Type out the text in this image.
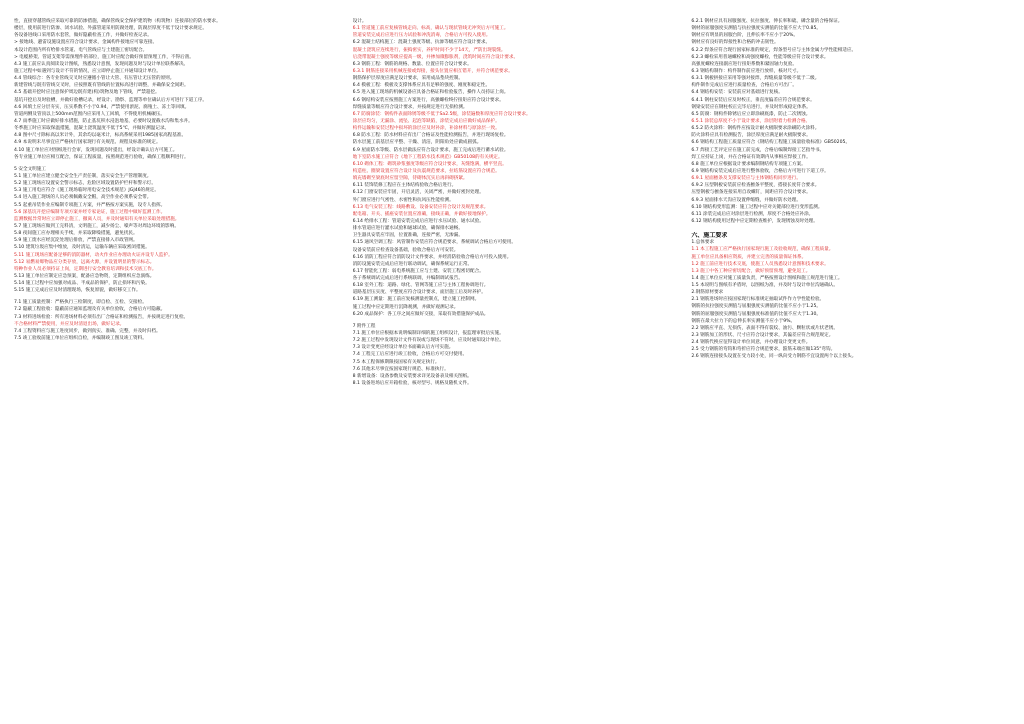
性，直接穿越管线应采取可靠的防渗措施，确保管线安全保护建筑物（构筑物）连接部位的防水要求。
楼层，使用前进行防渗、闭水试验、外露管道采用防腐处理，防腐层厚度不低于设计要求规定。
各设备进线口采用防水套管，做好隐蔽检查工作，并做好检查记录。
> 接地线、避雷设施设置应符合设计要求，金属构件接地应可靠连接。
本设计范围内所有给排水管道、电气管线应与土建施工密切配合。
> 电缆桥架、管道支架等需预埋件的部位，施工时应配合做好预留预埋工作，不得后凿。
4.3 施工前应认真阅读设计图纸，熟悉设计意图，发现问题及时与设计单位联系解决。
施工过程中如遇到与设计不符的情况，应立即停止施工并通知设计单位。
4.4 管线综合：各专业管线交叉时应遵循小管让大管、有压管让无压管的原则。
新建管线与既有管线交叉时，应按照既有管线的位置标高进行调整，并确保安全间距。
4.5 基础开挖时应注意保护周边既有建(构)筑物及地下管线，严禁超挖。
基坑开挖后及时验槽，并做好验槽记录，经设计、勘察、监理等单位确认后方可进行下道工序。
4.6 回填土应分层夯实，压实系数不小于0.94，严禁使用淤泥、腐殖土、冻土等回填。
管道两侧及管顶以上500mm范围内应采用人工回填，不得使用机械碾压。
4.7 雨季施工时应做好排水措施，防止基坑积水浸泡地基，必要时设置截水沟和集水井。
冬季施工时应采取保温措施，混凝土浇筑温度不低于5℃，并做好测温记录。
4.8 图中尺寸除标高以米计外，其余均以毫米计，标高系统采用1985国家高程基准。
4.9 本说明未尽事宜应严格执行国家现行有关规范、规程及标准的规定。
4.10 施工单位应对图纸进行会审，发现问题及时提出，经设计确认后方可施工。
各专业施工单位应相互配合，保证工程质量，按照规范进行验收，确保工程顺利进行。
5 安全文明施工
5.1 施工单位应建立健全安全生产责任制，落实安全生产管理制度。
5.2 施工现场应设置安全警示标志，危险区域设置防护栏杆和警示灯。
5.3 施工用电应符合《施工现场临时用电安全技术规范》JGJ46的规定。
5.4 进入施工现场的人员必须佩戴安全帽，高空作业必须系安全带。
5.5 起重吊装作业应编制专项施工方案，并严格按方案实施，设专人指挥。
5.6 深基坑开挖应编制专项方案并经专家论证，施工过程中做好监测工作。
监测数据异常时应立即停止施工，撤离人员，并及时通知有关单位采取处理措施。
5.7 施工现场应做到工完料清，文明施工，减少扬尘、噪声等对周边环境的影响。
5.8 夜间施工应办理相关手续，并采取降噪措施，避免扰民。
5.9 施工废水应经沉淀处理后排放，严禁直接排入市政管网。
5.10 建筑垃圾应集中堆放，及时清运，运输车辆应采取密闭措施。
5.11 施工现场应配备足够的消防器材，动火作业应办理动火证并设专人监护。
5.12 易燃易爆物品应分类存放，远离火源，并设置明显的警示标志。
特种作业人员必须持证上岗，定期进行安全教育培训和技术交底工作。
5.13 施工单位应制定应急预案，配备应急物资，定期组织应急演练。
5.14 施工过程中应加强对成品、半成品的保护，防止损坏和污染。
5.15 施工完成后应及时清理现场，恢复原貌，做好移交工作。
7.1 施工质量控制：严格执行三检制度，即自检、互检、交接检。
7.2 隐蔽工程验收：隐蔽前应通知监理及有关单位验收，合格后方可隐蔽。
7.3 材料进场检验：所有进场材料必须有出厂合格证和检测报告，并按规定进行复检。
不合格材料严禁使用，并应及时清退出场，做好记录。
7.4 工程资料应与施工进度同步，做到真实、准确、完整，并及时归档。
7.5 竣工验收前施工单位应组织自检，并编制竣工图及竣工资料。
设计。
6.1 管道施工前应复核管线走向、标高，确认与现状管线无冲突后方可施工。
管道安装完成后应进行压力试验和冲洗消毒，合格后方可投入使用。
6.2 混凝土结构施工：混凝土强度等级、抗渗等级应符合设计要求。
混凝土浇筑应连续进行，振捣密实，养护时间不少于14天，严防出现裂缝。
后浇带混凝土强度等级应提高一级，并掺加微膨胀剂，浇筑时间应符合设计要求。
6.3 钢筋工程：钢筋的规格、数量、位置应符合设计要求。
6.3.1 钢筋连接采用机械连接或焊接，接头位置应相互错开，并符合规范要求。
钢筋保护层厚度应满足设计要求，采用成品垫块控制。
6.4 模板工程：模板及支撑体系应具有足够的强度、刚度和稳定性。
6.5 进入施工现场的机械设备应具备合格证和检验报告，操作人员持证上岗。
6.6 钢结构安装应按照施工方案进行，高强螺栓终拧扭矩应符合设计要求。
焊缝质量等级应符合设计要求，并按规定进行无损检测。
6.7 防腐涂装：钢构件表面除锈等级不低于Sa2.5级，涂装遍数和厚度应符合设计要求。
涂层应均匀，无漏涂、流坠、起泡等缺陷，涂装完成后应做好成品保护。
构件运输和安装过程中损坏的涂层应及时补涂，补涂材料与原涂层一致。
6.8 防水工程：防水材料应有出厂合格证及性能检测报告，并进行现场复检。
防水层施工前基层应平整、干燥、清洁，阴阳角处应做成圆弧。
6.9 屋面防水等级、防水层做法应符合设计要求，施工完成后进行蓄水试验。
地下室防水施工应符合《地下工程防水技术规范》GB50108的有关规定。
6.10 砌体工程：砌筑砂浆强度等级应符合设计要求，灰缝饱满，横平竖直。
构造柱、圈梁设置应符合设计及抗震规范要求，拉结筋设置应符合规范。
填充墙砌至梁底时应留空隙，待砌体沉实后再斜砌挤紧。
6.11 装饰装修工程应在主体结构验收合格后进行。
6.12 门窗安装应牢固，开启灵活，关闭严密，并做好密封处理。
外门窗应进行气密性、水密性和抗风压性能检测。
6.13 电气安装工程：线路敷设、设备安装应符合设计及规范要求。
配电箱、开关、插座安装位置应准确，接线正确，并做好接地保护。
6.14 给排水工程：管道安装完成后应进行水压试验、通水试验。
排水管道应进行灌水试验和通球试验，确保排水通畅。
卫生器具安装应牢固，位置准确，连接严密，无渗漏。
6.15 通风空调工程：风管制作安装应符合规范要求，系统调试合格后方可使用。
设备安装前应检查设备基础，验收合格后方可安装。
6.16 消防工程应符合消防设计文件要求，并经消防验收合格后方可投入使用。
消防设施安装完成后应进行联动调试，确保系统运行正常。
6.17 智能化工程：弱电系统施工应与土建、安装工程密切配合。
各子系统调试完成后进行系统联调，并编制调试报告。
6.18 室外工程：道路、绿化、管网等施工应与主体工程协调进行。
道路基层压实度、平整度应符合设计要求，面层施工后及时养护。
6.19 施工测量：施工前应复核测量控制点，建立施工控制网。
施工过程中应定期进行沉降观测，并做好观测记录。
6.20 成品保护：各工序之间应做好交接，采取有效措施保护成品。
7 附件工程
7.1 施工单位应根据本说明编制详细的施工组织设计，报监理审批后实施。
7.2 施工过程中发现设计文件有误或与现场不符时，应及时通知设计单位。
7.3 设计变更应经设计单位书面确认后方可实施。
7.4 工程完工后应进行竣工验收，合格后方可交付使用。
7.5 本工程保修期限按国家有关规定执行。
7.6 其他未尽事宜按国家现行规范、标准执行。
8 新增设备：设备参数及安装要求详见设备表及相关图纸。
8.1 设备进场后应开箱检验，核对型号、规格及随机文件。
6.2.1 钢材应具有屈服强度、抗拉强度、伸长率和硫、磷含量的合格保证。
钢材的屈服强度实测值与抗拉强度实测值的比值不应大于0.85。
钢材应有明显的屈服台阶，且伸长率不应小于20%。
钢材应有良好的焊接性和合格的冲击韧性。
6.2.2 焊条应符合现行国家标准的规定，焊条型号应与主体金属力学性能相适应。
6.2.3 螺栓采用普通螺栓和高强度螺栓，性能等级应符合设计要求。
高强度螺栓连接副应进行扭矩系数和紧固轴力复验。
6.3 钢结构制作：构件制作前应进行放样，核对尺寸。
6.3.1 钢板拼接应采用等强对接焊，焊缝质量等级不低于二级。
构件制作完成后应进行质量检查，合格后方可出厂。
6.4 钢结构安装：安装前应对基础进行复核。
6.4.1 钢柱安装后应及时校正，垂直度偏差应符合规范要求。
钢梁安装应在钢柱校正完毕后进行，并及时形成稳定体系。
6.5 防腐：钢构件除锈后应立即涂刷底漆，防止二次锈蚀。
6.5.1 涂装总厚度不小于设计要求，涂层附着力检测合格。
6.5.2 防火涂料：钢构件应按设计耐火极限要求涂刷防火涂料。
防火涂料应具有检测报告，涂层厚度应满足耐火极限要求。
6.6 钢结构工程施工质量应符合《钢结构工程施工质量验收标准》GB50205。
6.7 焊接工艺评定应在施工前完成，合格后编制焊接工艺指导书。
焊工应持证上岗，并在合格证有效期内从事相应焊接工作。
6.8 施工单位应根据设计要求编制钢结构专项施工方案。
6.9 钢结构安装完成后应进行整体验收，合格后方可进行下道工序。
6.9.1 屋面檩条及支撑安装应与主体钢结构同步进行。
6.9.2 压型钢板安装前应检查檩条平整度，搭接长度符合要求。
压型钢板与檩条连接采用自攻螺钉，间距应符合设计要求。
6.9.3 屋面排水天沟应设置伸缩缝，并做好防水处理。
6.10 钢结构变形监测：施工过程中应对关键部位进行变形监测。
6.11 涂装完成后应对涂层进行检测，厚度不合格处应补涂。
6.12 钢结构使用过程中应定期检查维护，发现锈蚀及时处理。
六、施工要求
1.总体要求
1.1 本工程施工应严格执行国家现行施工及验收规范，确保工程质量。
施工单位应具备相应资质，并建立完善的质量保证体系。
1.2 施工前应进行技术交底，使施工人员熟悉设计意图和技术要求。
1.3 施工中各工种应密切配合，做好预留预埋，避免返工。
1.4 施工单位应对施工质量负责，严格按照设计图纸和施工规范进行施工。
1.5 本说明与图纸有矛盾时，以图纸为准，并及时与设计单位沟通确认。
2.钢筋原材要求
2.1 钢筋进场时应按国家现行标准规定抽取试件作力学性能检验。
钢筋的抗拉强度实测值与屈服强度实测值的比值不应小于1.25。
钢筋的屈服强度实测值与屈服强度标准值的比值不应大于1.30。
钢筋在最大拉力下的总伸长率实测值不应小于9%。
2.2 钢筋应平直、无损伤，表面不得有裂纹、油污、颗粒状或片状老锈。
2.3 钢筋加工的形状、尺寸应符合设计要求，其偏差应符合规范规定。
2.4 钢筋代换应征得设计单位同意，并办理设计变更文件。
2.5 受力钢筋的弯钩和弯折应符合规范要求，箍筋末端应做135°弯钩。
2.6 钢筋连接接头设置在受力较小处，同一纵向受力钢筋不宜设置两个以上接头。
